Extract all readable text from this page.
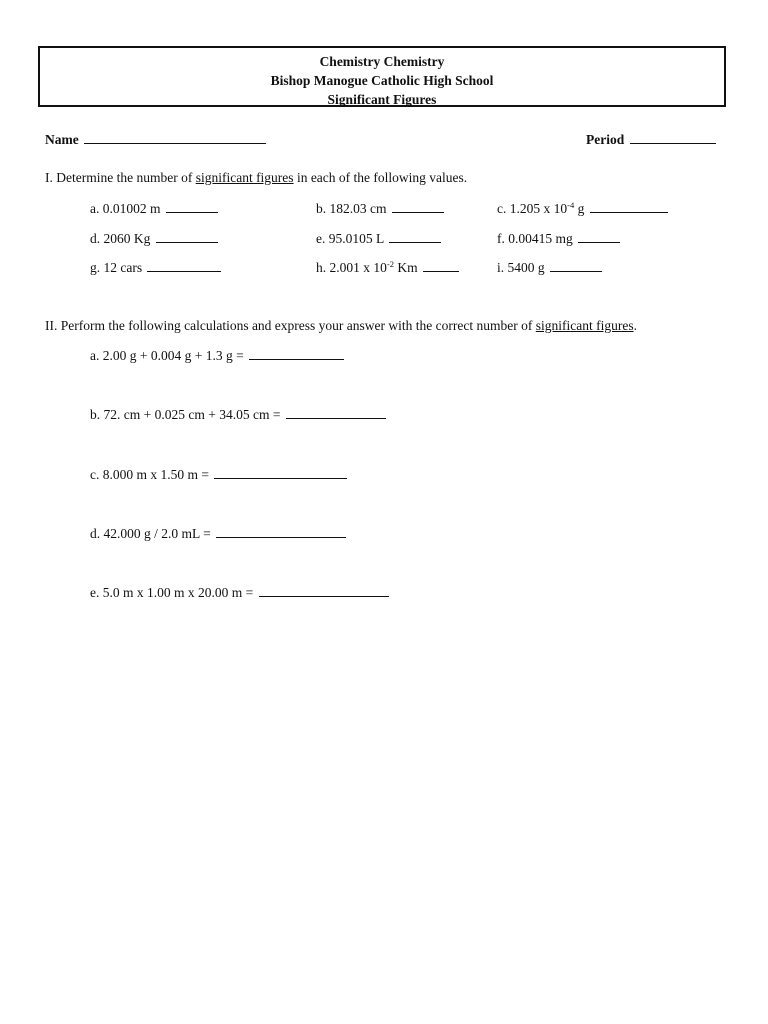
Chemistry Chemistry
Bishop Manogue Catholic High School
Significant Figures
Name	Period
I. Determine the number of significant figures in each of the following values.
a. 0.01002 m	b. 182.03 cm	c. 1.205 x $10^{-4}$ g
d. 2060 Kg	e. 95.0105 L	f. 0.00415 mg
g. 12 cars	h. 2.001 x $10^{-2}$ Km	i. 5400 g
II. Perform the following calculations and express your answer with the correct number of significant figures.
a. 2.00 g + 0.004 g + 1.3 g =
b. 72. cm + 0.025 cm + 34.05 cm =
c. 8.000 m x 1.50 m =
d. 42.000 g / 2.0 mL =
e. 5.0 m x 1.00 m x 20.00 m =
